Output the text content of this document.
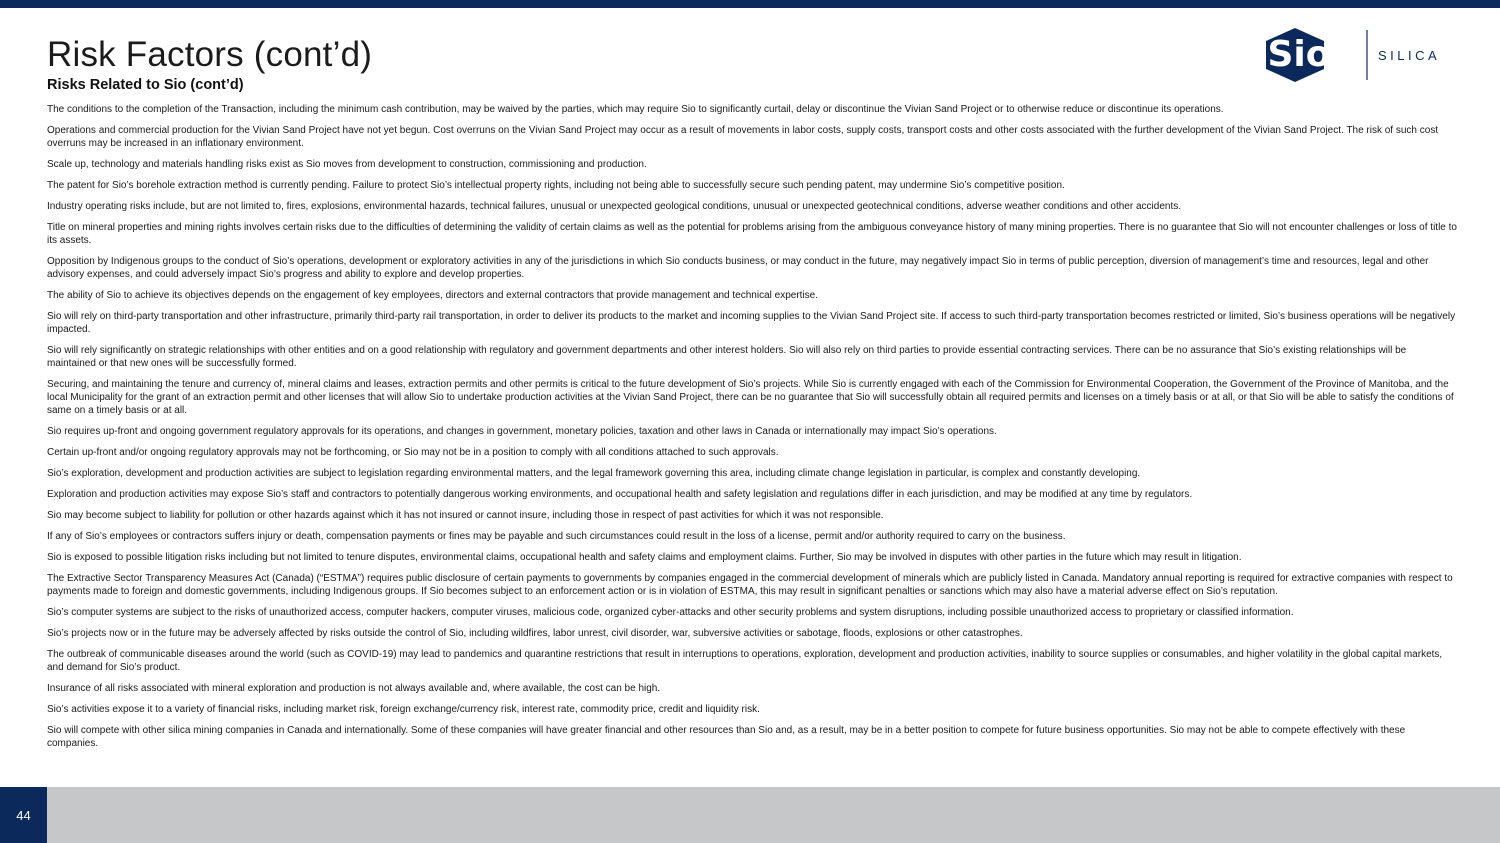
Risk Factors (cont’d)
Risks Related to Sio (cont’d)
Sio	SILICA

The conditions to the completion of the Transaction, including the minimum cash contribution, may be waived by the parties, which may require Sio to significantly curtail, delay or discontinue the Vivian Sand Project or to otherwise reduce or discontinue its operations.

Operations and commercial production for the Vivian Sand Project have not yet begun. Cost overruns on the Vivian Sand Project may occur as a result of movements in labor costs, supply costs, transport costs and other costs associated with the further development of the Vivian Sand Project. The risk of such cost overruns may be increased in an inflationary environment.

Scale up, technology and materials handling risks exist as Sio moves from development to construction, commissioning and production.

The patent for Sio’s borehole extraction method is currently pending. Failure to protect Sio’s intellectual property rights, including not being able to successfully secure such pending patent, may undermine Sio’s competitive position.

Industry operating risks include, but are not limited to, fires, explosions, environmental hazards, technical failures, unusual or unexpected geological conditions, unusual or unexpected geotechnical conditions, adverse weather conditions and other accidents.

Title on mineral properties and mining rights involves certain risks due to the difficulties of determining the validity of certain claims as well as the potential for problems arising from the ambiguous conveyance history of many mining properties. There is no guarantee that Sio will not encounter challenges or loss of title to its assets.

Opposition by Indigenous groups to the conduct of Sio’s operations, development or exploratory activities in any of the jurisdictions in which Sio conducts business, or may conduct in the future, may negatively impact Sio in terms of public perception, diversion of management’s time and resources, legal and other advisory expenses, and could adversely impact Sio’s progress and ability to explore and develop properties.

The ability of Sio to achieve its objectives depends on the engagement of key employees, directors and external contractors that provide management and technical expertise.

Sio will rely on third-party transportation and other infrastructure, primarily third-party rail transportation, in order to deliver its products to the market and incoming supplies to the Vivian Sand Project site. If access to such third-party transportation becomes restricted or limited, Sio’s business operations will be negatively impacted.

Sio will rely significantly on strategic relationships with other entities and on a good relationship with regulatory and government departments and other interest holders. Sio will also rely on third parties to provide essential contracting services. There can be no assurance that Sio’s existing relationships will be maintained or that new ones will be successfully formed.

Securing, and maintaining the tenure and currency of, mineral claims and leases, extraction permits and other permits is critical to the future development of Sio’s projects. While Sio is currently engaged with each of the Commission for Environmental Cooperation, the Government of the Province of Manitoba, and the local Municipality for the grant of an extraction permit and other licenses that will allow Sio to undertake production activities at the Vivian Sand Project, there can be no guarantee that Sio will successfully obtain all required permits and licenses on a timely basis or at all, or that Sio will be able to satisfy the conditions of same on a timely basis or at all.

Sio requires up-front and ongoing government regulatory approvals for its operations, and changes in government, monetary policies, taxation and other laws in Canada or internationally may impact Sio’s operations.

Certain up-front and/or ongoing regulatory approvals may not be forthcoming, or Sio may not be in a position to comply with all conditions attached to such approvals.

Sio’s exploration, development and production activities are subject to legislation regarding environmental matters, and the legal framework governing this area, including climate change legislation in particular, is complex and constantly developing.

Exploration and production activities may expose Sio’s staff and contractors to potentially dangerous working environments, and occupational health and safety legislation and regulations differ in each jurisdiction, and may be modified at any time by regulators.

Sio may become subject to liability for pollution or other hazards against which it has not insured or cannot insure, including those in respect of past activities for which it was not responsible.

If any of Sio’s employees or contractors suffers injury or death, compensation payments or fines may be payable and such circumstances could result in the loss of a license, permit and/or authority required to carry on the business.

Sio is exposed to possible litigation risks including but not limited to tenure disputes, environmental claims, occupational health and safety claims and employment claims. Further, Sio may be involved in disputes with other parties in the future which may result in litigation.

The Extractive Sector Transparency Measures Act (Canada) (“ESTMA”) requires public disclosure of certain payments to governments by companies engaged in the commercial development of minerals which are publicly listed in Canada. Mandatory annual reporting is required for extractive companies with respect to payments made to foreign and domestic governments, including Indigenous groups. If Sio becomes subject to an enforcement action or is in violation of ESTMA, this may result in significant penalties or sanctions which may also have a material adverse effect on Sio’s reputation.

Sio’s computer systems are subject to the risks of unauthorized access, computer hackers, computer viruses, malicious code, organized cyber-attacks and other security problems and system disruptions, including possible unauthorized access to proprietary or classified information.

Sio’s projects now or in the future may be adversely affected by risks outside the control of Sio, including wildfires, labor unrest, civil disorder, war, subversive activities or sabotage, floods, explosions or other catastrophes.

The outbreak of communicable diseases around the world (such as COVID-19) may lead to pandemics and quarantine restrictions that result in interruptions to operations, exploration, development and production activities, inability to source supplies or consumables, and higher volatility in the global capital markets, and demand for Sio’s product.

Insurance of all risks associated with mineral exploration and production is not always available and, where available, the cost can be high.

Sio’s activities expose it to a variety of financial risks, including market risk, foreign exchange/currency risk, interest rate, commodity price, credit and liquidity risk.

Sio will compete with other silica mining companies in Canada and internationally. Some of these companies will have greater financial and other resources than Sio and, as a result, may be in a better position to compete for future business opportunities. Sio may not be able to compete effectively with these companies.

44
